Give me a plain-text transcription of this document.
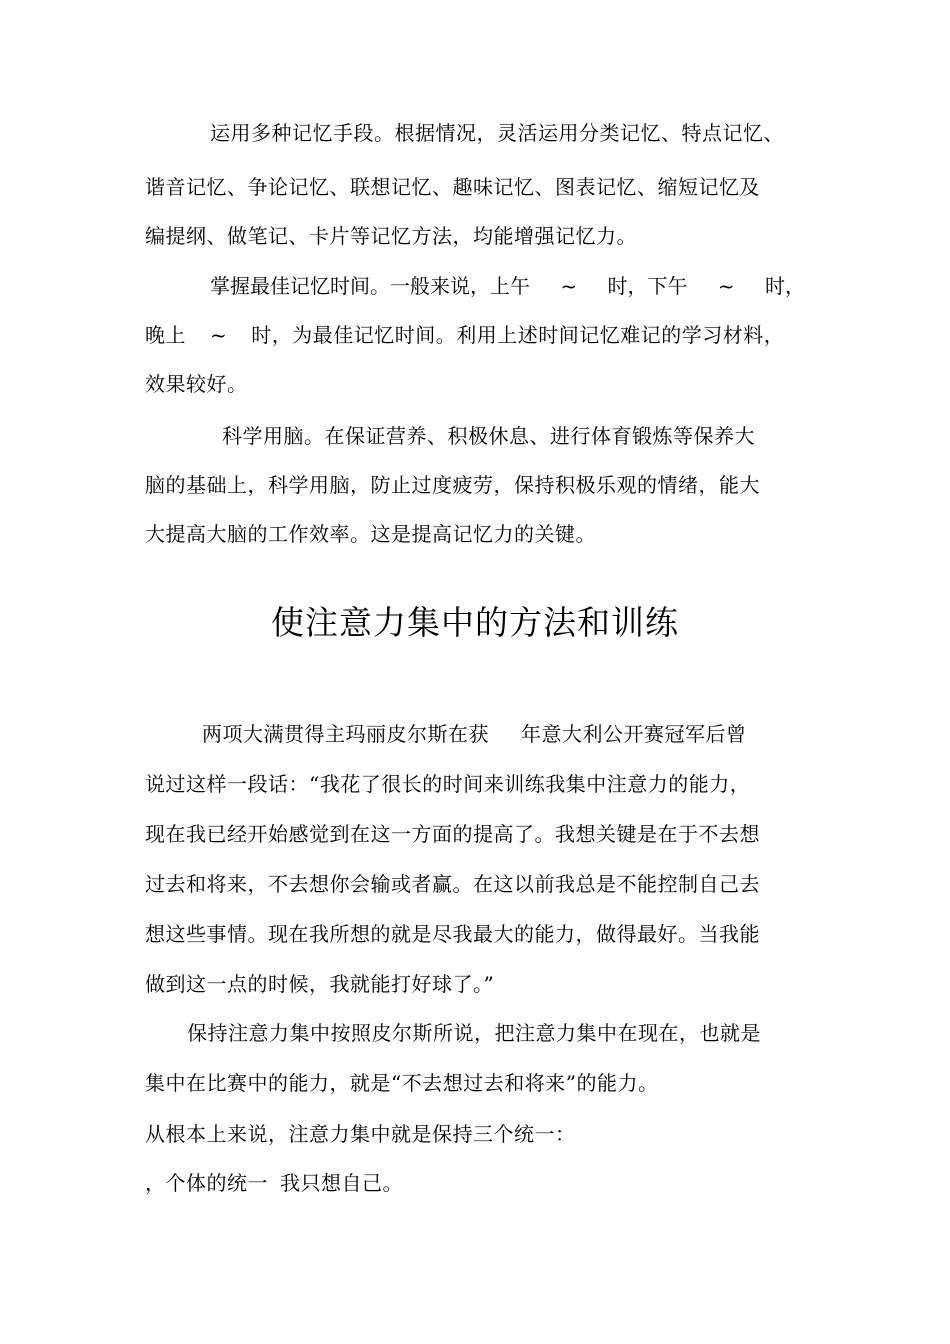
运用多种记忆手段。根据情况，灵活运用分类记忆、特点记忆、
谐音记忆、争论记忆、联想记忆、趣味记忆、图表记忆、缩短记忆及
编提纲、做笔记、卡片等记忆方法，均能增强记忆力。
掌握最佳记忆时间。一般来说，上午 ~ 时，下午 ~ 时，
晚上 ~ 时，为最佳记忆时间。利用上述时间记忆难记的学习材料，
效果较好。
科学用脑。在保证营养、积极休息、进行体育锻炼等保养大
脑的基础上，科学用脑，防止过度疲劳，保持积极乐观的情绪，能大
大提高大脑的工作效率。这是提高记忆力的关键。
使注意力集中的方法和训练
两项大满贯得主玛丽皮尔斯在获 年意大利公开赛冠军后曾
说过这样一段话：“我花了很长的时间来训练我集中注意力的能力，
现在我已经开始感觉到在这一方面的提高了。我想关键是在于不去想
过去和将来，不去想你会输或者赢。在这以前我总是不能控制自己去
想这些事情。现在我所想的就是尽我最大的能力，做得最好。当我能
做到这一点的时候，我就能打好球了。”
保持注意力集中按照皮尔斯所说，把注意力集中在现在，也就是
集中在比赛中的能力，就是“不去想过去和将来”的能力。
从根本上来说，注意力集中就是保持三个统一：
，个体的统一 我只想自己。
